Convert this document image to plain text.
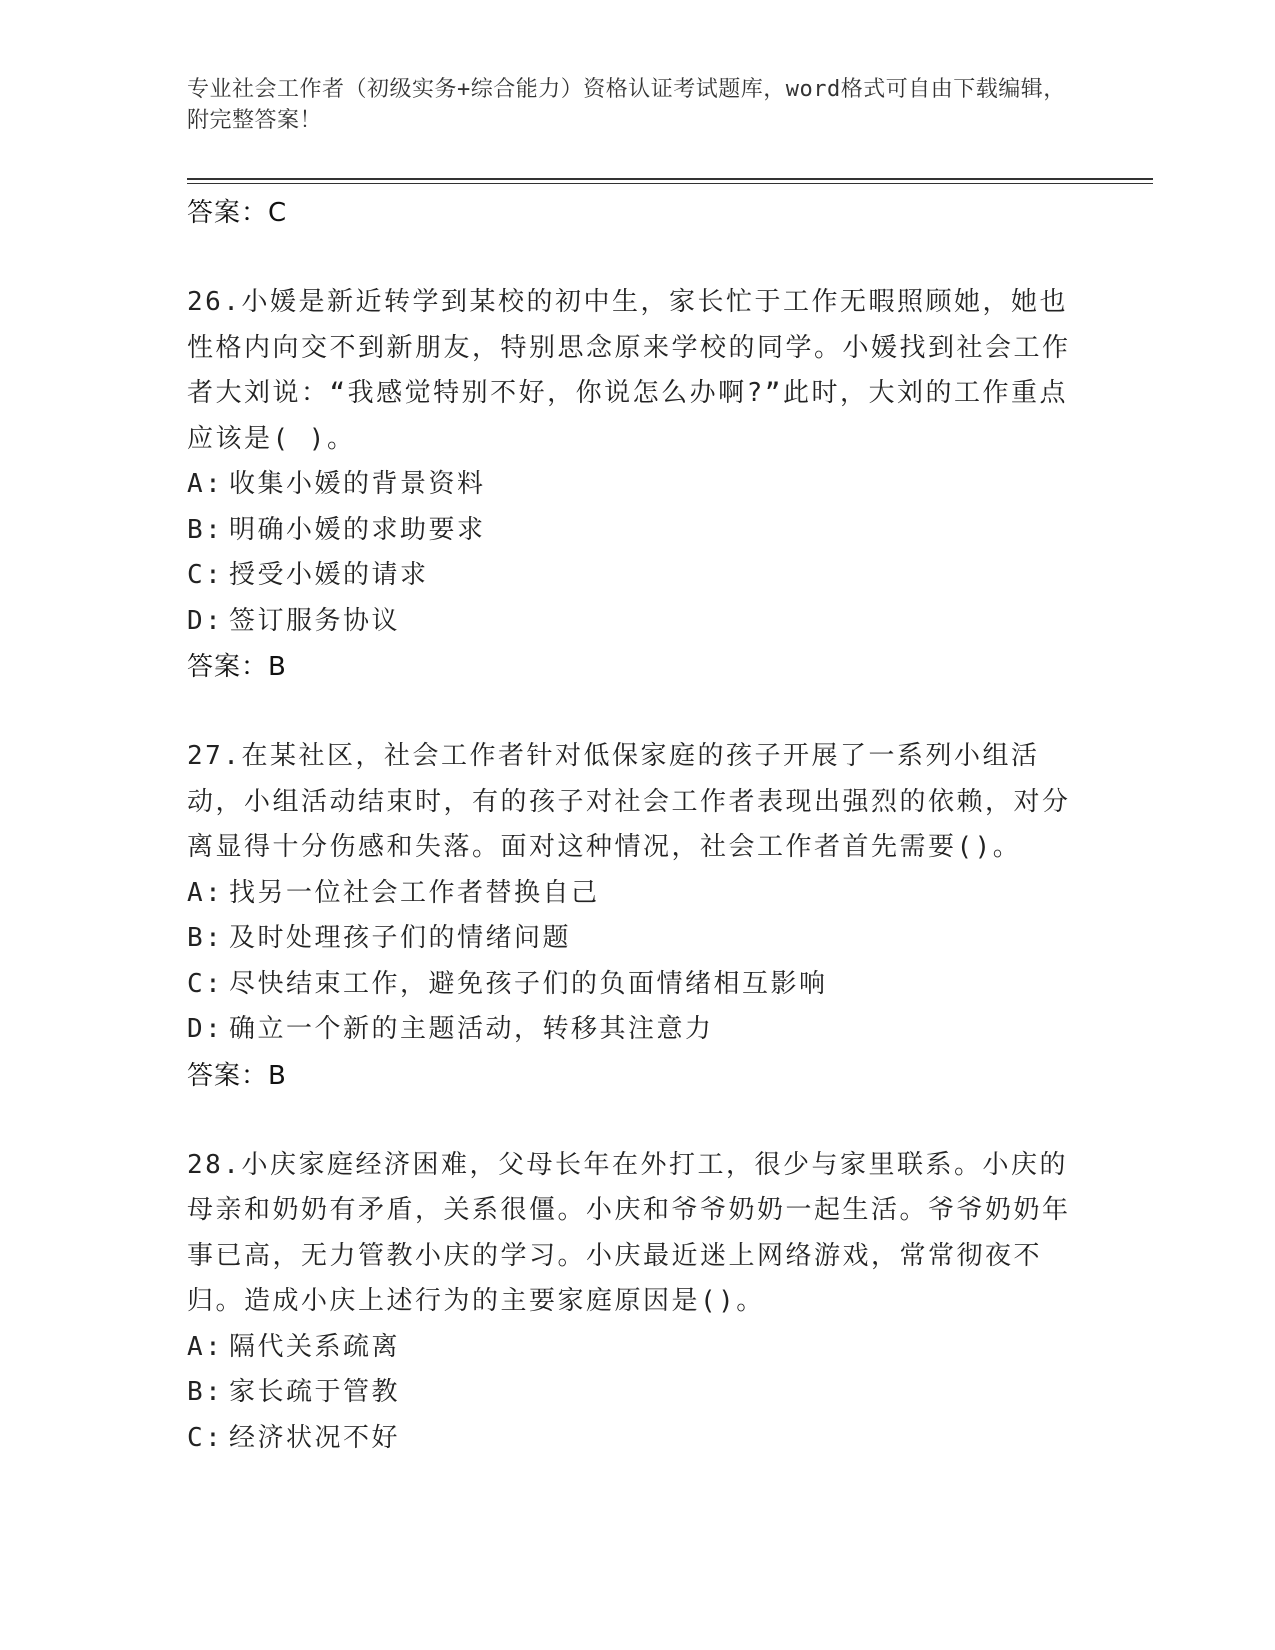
专业社会工作者（初级实务+综合能力）资格认证考试题库，word格式可自由下载编辑，附完整答案！
答案：C

26.小媛是新近转学到某校的初中生，家长忙于工作无暇照顾她，她也性格内向交不到新朋友，特别思念原来学校的同学。小媛找到社会工作者大刘说：“我感觉特别不好，你说怎么办啊?”此时，大刘的工作重点应该是( )。

A: 收集小媛的背景资料
B: 明确小媛的求助要求
C: 授受小媛的请求
D: 签订服务协议
答案：B

27.在某社区，社会工作者针对低保家庭的孩子开展了一系列小组活动，小组活动结束时，有的孩子对社会工作者表现出强烈的依赖，对分离显得十分伤感和失落。面对这种情况，社会工作者首先需要()。

A: 找另一位社会工作者替换自己
B: 及时处理孩子们的情绪问题
C: 尽快结束工作，避免孩子们的负面情绪相互影响
D: 确立一个新的主题活动，转移其注意力
答案：B

28.小庆家庭经济困难，父母长年在外打工，很少与家里联系。小庆的母亲和奶奶有矛盾，关系很僵。小庆和爷爷奶奶一起生活。爷爷奶奶年事已高，无力管教小庆的学习。小庆最近迷上网络游戏，常常彻夜不归。造成小庆上述行为的主要家庭原因是()。

A: 隔代关系疏离
B: 家长疏于管教
C: 经济状况不好
